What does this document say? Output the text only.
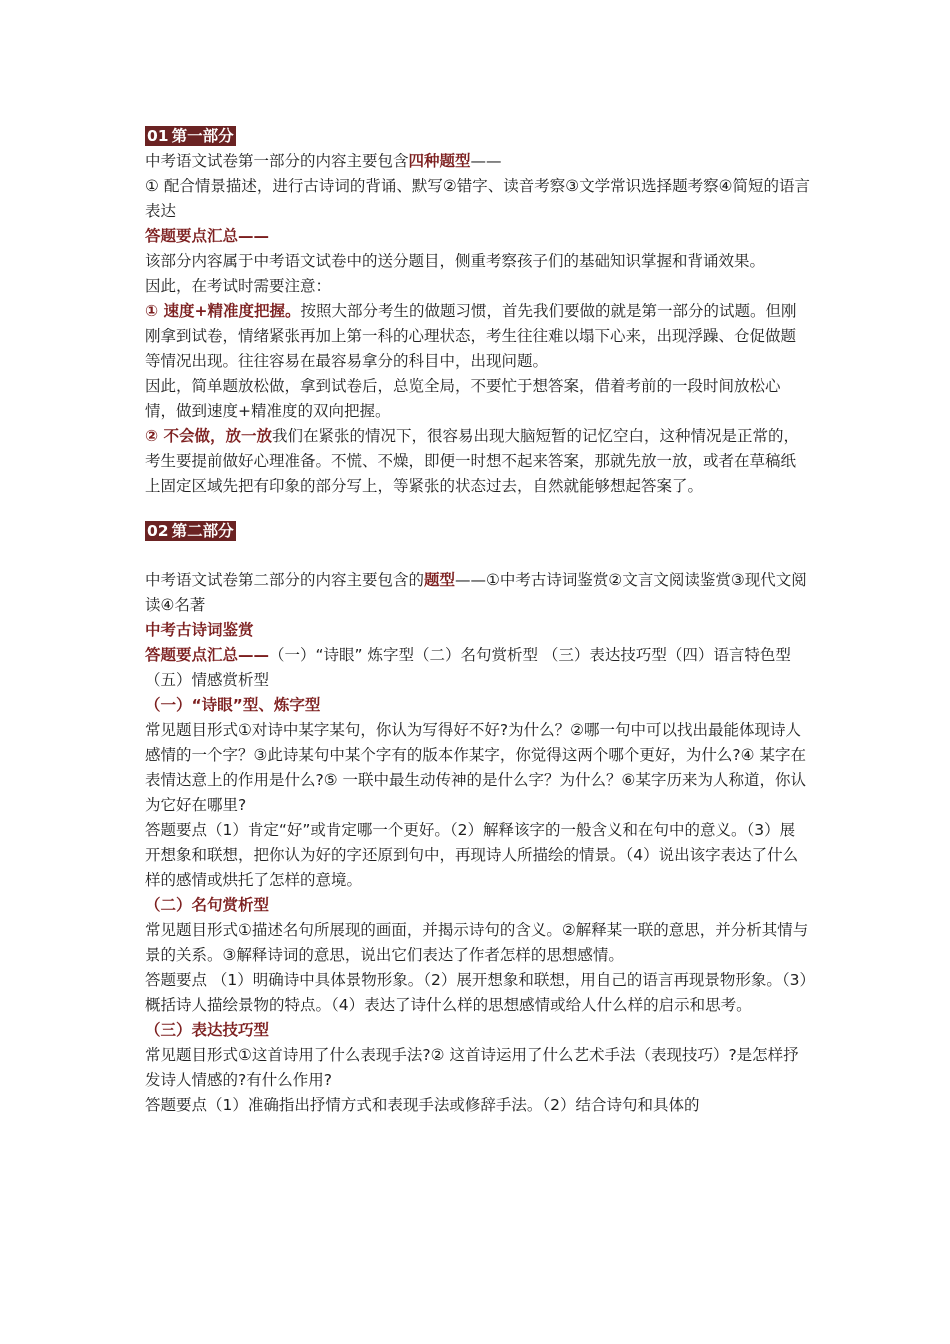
01 第一部分

中考语文试卷第一部分的内容主要包含四种题型——

① 配合情景描述，进行古诗词的背诵、默写②错字、读音考察③文学常识选择题考察④简短的语言表达

答题要点汇总——

该部分内容属于中考语文试卷中的送分题目，侧重考察孩子们的基础知识掌握和背诵效果。

因此，在考试时需要注意：

① 速度+精准度把握。按照大部分考生的做题习惯，首先我们要做的就是第一部分的试题。但刚刚拿到试卷，情绪紧张再加上第一科的心理状态，考生往往难以塌下心来，出现浮躁、仓促做题等情况出现。往往容易在最容易拿分的科目中，出现问题。

因此，简单题放松做，拿到试卷后，总览全局，不要忙于想答案，借着考前的一段时间放松心情，做到速度+精准度的双向把握。

② 不会做，放一放我们在紧张的情况下，很容易出现大脑短暂的记忆空白，这种情况是正常的，考生要提前做好心理准备。不慌、不燥，即便一时想不起来答案，那就先放一放，或者在草稿纸上固定区域先把有印象的部分写上，等紧张的状态过去，自然就能够想起答案了。

02 第二部分

中考语文试卷第二部分的内容主要包含的题型——①中考古诗词鉴赏②文言文阅读鉴赏③现代文阅读④名著

中考古诗词鉴赏

答题要点汇总——（一）“诗眼” 炼字型（二）名句赏析型 （三）表达技巧型（四）语言特色型 （五）情感赏析型

（一）“诗眼”型、炼字型

常见题目形式①对诗中某字某句，你认为写得好不好?为什么？②哪一句中可以找出最能体现诗人感情的一个字？③此诗某句中某个字有的版本作某字，你觉得这两个哪个更好，为什么?④ 某字在表情达意上的作用是什么?⑤ 一联中最生动传神的是什么字？为什么？⑥某字历来为人称道，你认为它好在哪里?

答题要点（1）肯定“好”或肯定哪一个更好。（2）解释该字的一般含义和在句中的意义。（3）展开想象和联想，把你认为好的字还原到句中，再现诗人所描绘的情景。（4）说出该字表达了什么样的感情或烘托了怎样的意境。

（二）名句赏析型

常见题目形式①描述名句所展现的画面，并揭示诗句的含义。②解释某一联的意思，并分析其情与景的关系。③解释诗词的意思，说出它们表达了作者怎样的思想感情。

答题要点 （1）明确诗中具体景物形象。（2）展开想象和联想，用自己的语言再现景物形象。（3）概括诗人描绘景物的特点。（4）表达了诗什么样的思想感情或给人什么样的启示和思考。

（三）表达技巧型

常见题目形式①这首诗用了什么表现手法?② 这首诗运用了什么艺术手法（表现技巧）?是怎样抒发诗人情感的?有什么作用?

答题要点（1）准确指出抒情方式和表现手法或修辞手法。（2）结合诗句和具体的
